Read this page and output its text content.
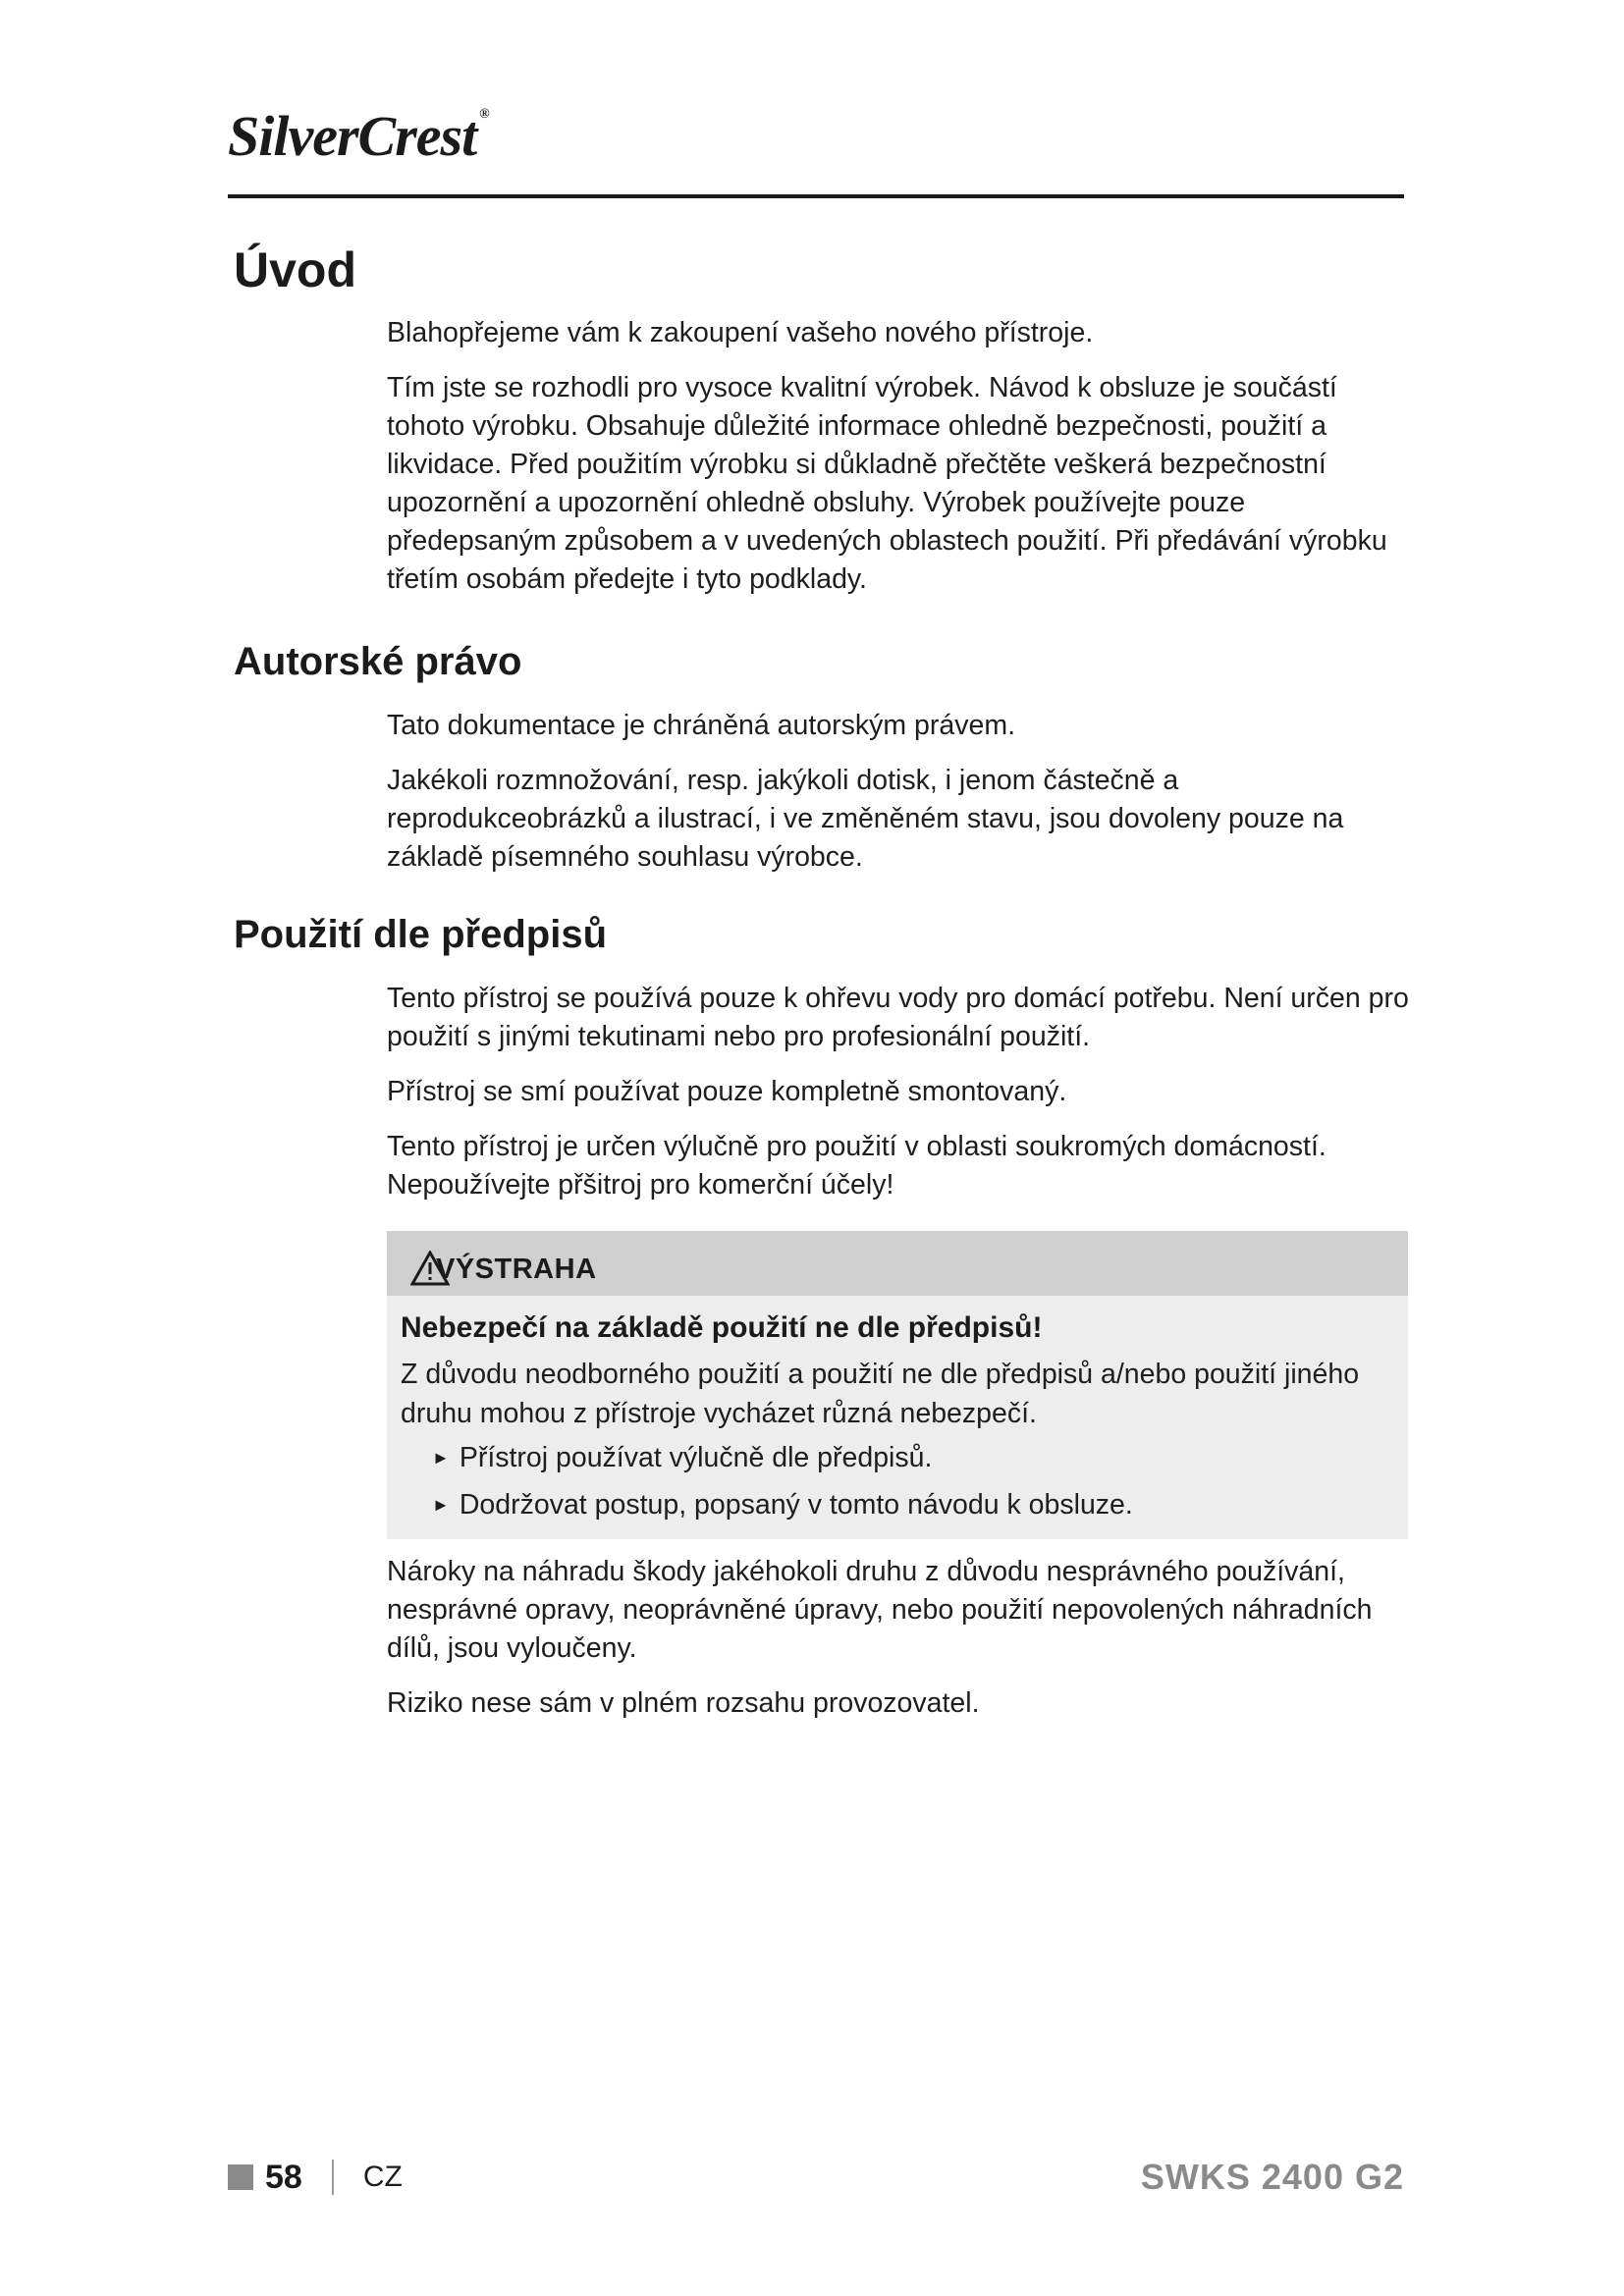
SilverCrest ®
Úvod

Blahopřejeme vám k zakoupení vašeho nového přístroje.

Tím jste se rozhodli pro vysoce kvalitní výrobek. Návod k obsluze je součástí tohoto výrobku. Obsahuje důležité informace ohledně bezpečnosti, použití a likvidace. Před použitím výrobku si důkladně přečtěte veškerá bezpečnostní upozornění a upozornění ohledně obsluhy. Výrobek používejte pouze předepsaným způsobem a v uvedených oblastech použití. Při předávání výrobku třetím osobám předejte i tyto podklady.

Autorské právo

Tato dokumentace je chráněná autorským právem.

Jakékoli rozmnožování, resp. jakýkoli dotisk, i jenom částečně a reprodukceobrázků a ilustrací, i ve změněném stavu, jsou dovoleny pouze na základě písemného souhlasu výrobce.

Použití dle předpisů

Tento přístroj se používá pouze k ohřevu vody pro domácí potřebu. Není určen pro použití s jinými tekutinami nebo pro profesionální použití.

Přístroj se smí používat pouze kompletně smontovaný.

Tento přístroj je určen výlučně pro použití v oblasti soukromých domácností. Nepoužívejte přšitroj pro komerční účely!

VÝSTRAHA
Nebezpečí na základě použití ne dle předpisů!
Z důvodu neodborného použití a použití ne dle předpisů a/nebo použití jiného druhu mohou z přístroje vycházet různá nebezpečí.
► Přístroj používat výlučně dle předpisů.
► Dodržovat postup, popsaný v tomto návodu k obsluze.

Nároky na náhradu škody jakéhokoli druhu z důvodu nesprávného používání, nesprávné opravy, neoprávněné úpravy, nebo použití nepovolených náhradních dílů, jsou vyloučeny.

Riziko nese sám v plném rozsahu provozovatel.

58 CZ	SWKS 2400 G2
